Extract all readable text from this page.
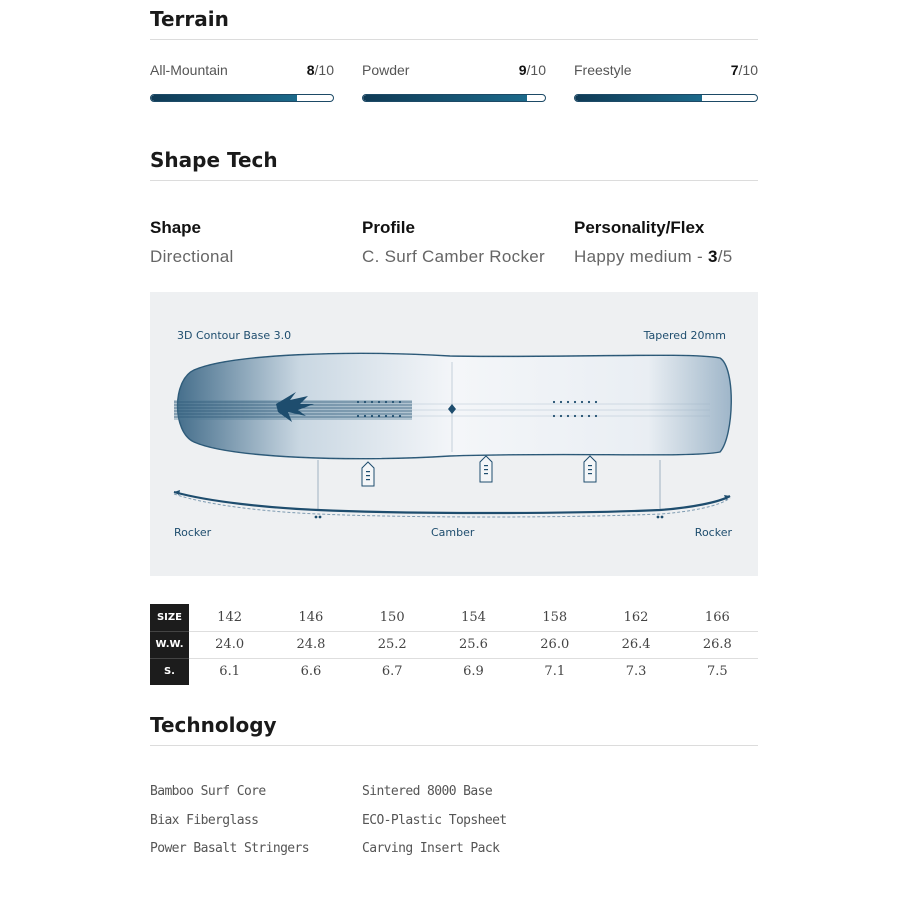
Terrain
All-Mountain	8/10 Powder	9/10 Freestyle	7/10
Shape Tech
Shape
Directional
Profile
C. Surf Camber Rocker
Personality/Flex
Happy medium - 3/5
3D Contour Base 3.0	Tapered 20mm
Rocker	Camber	Rocker
SIZE	142	146	150	154	158	162	166
W.W.	24.0	24.8	25.2	25.6	26.0	26.4	26.8
S.	6.1	6.6	6.7	6.9	7.1	7.3	7.5
Technology
Bamboo Surf Core
Biax Fiberglass
Power Basalt Stringers
Sintered 8000 Base
ECO-Plastic Topsheet
Carving Insert Pack
